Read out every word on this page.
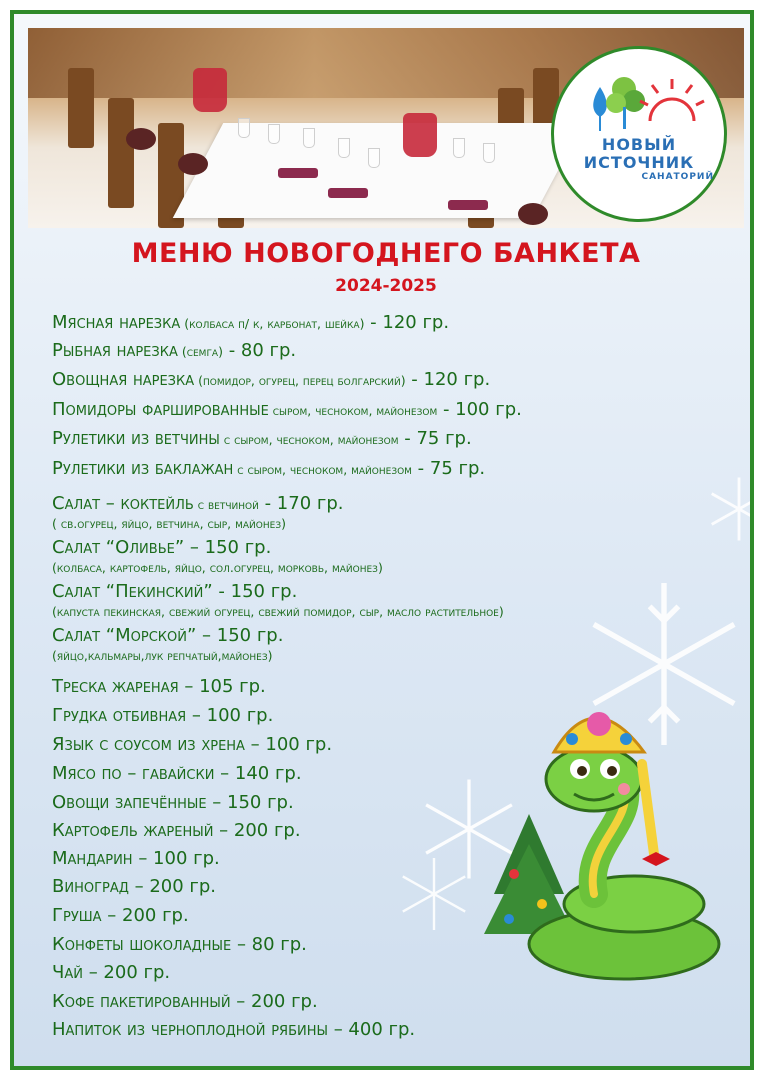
НОВЫЙ
ИСТОЧНИК
САНАТОРИЙ
МЕНЮ НОВОГОДНЕГО БАНКЕТА
2024-2025
Мясная нарезка (колбаса п/ к, карбонат, шейка) - 120 гр.
Рыбная нарезка (семга) - 80 гр.
Овощная нарезка (помидор, огурец, перец болгарский) - 120 гр.
Помидоры фаршированные сыром, чесноком, майонезом - 100 гр.
Рулетики из ветчины с сыром, чесноком, майонезом - 75 гр.
Рулетики из баклажан с сыром, чесноком, майонезом - 75 гр.
Салат – коктейль с ветчиной - 170 гр.
( св.огурец, яйцо, ветчина, сыр, майонез)
Салат “Оливье” – 150 гр.
(колбаса, картофель, яйцо, сол.огурец, морковь, майонез)
Салат “Пекинский” - 150 гр.
(капуста пекинская, свежий огурец, свежий помидор, сыр, масло растительное)
Салат “Морской” – 150 гр.
(яйцо,кальмары,лук репчатый,майонез)
Треска жареная – 105 гр.
Грудка отбивная – 100 гр.
Язык с соусом из хрена – 100 гр.
Мясо по – гавайски – 140 гр.
Овощи запечённые – 150 гр.
Картофель жареный – 200 гр.
Мандарин – 100 гр.
Виноград – 200 гр.
Груша – 200 гр.
Конфеты шоколадные – 80 гр.
Чай – 200 гр.
Кофе пакетированный – 200 гр.
Напиток из черноплодной рябины – 400 гр.
